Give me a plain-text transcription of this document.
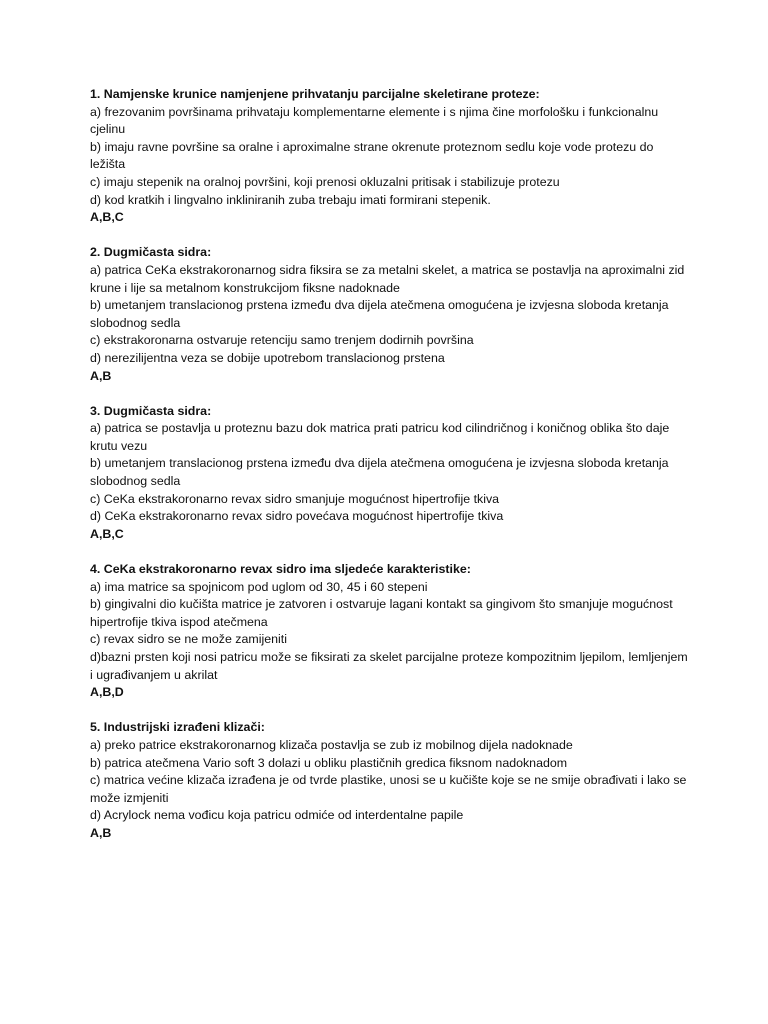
1. Namjenske krunice namjenjene prihvatanju parcijalne skeletirane proteze:

a) frezovanim površinama prihvataju komplementarne elemente i s njima čine morfološku i funkcionalnu cjelinu

b) imaju ravne površine sa oralne i aproximalne strane okrenute proteznom sedlu koje vode protezu do ležišta

c) imaju stepenik na oralnoj površini, koji prenosi okluzalni pritisak i stabilizuje protezu

d) kod kratkih i lingvalno inkliniranih zuba trebaju imati formirani stepenik.

A,B,C

2. Dugmičasta sidra:

a) patrica CeKa ekstrakoronarnog sidra fiksira se za metalni skelet, a matrica se postavlja na aproximalni zid krune i lije sa metalnom konstrukcijom fiksne nadoknade

b) umetanjem translacionog prstena između dva dijela atečmena omogućena je izvjesna sloboda kretanja slobodnog sedla

c) ekstrakoronarna ostvaruje retenciju samo trenjem dodirnih površina

d) nerezilijentna veza se dobije upotrebom translacionog prstena

A,B

3. Dugmičasta sidra:

a) patrica se postavlja u proteznu bazu dok matrica prati patricu kod cilindričnog i koničnog oblika što daje krutu vezu

b) umetanjem translacionog prstena između dva dijela atečmena omogućena je izvjesna sloboda kretanja slobodnog sedla

c) CeKa ekstrakoronarno revax sidro smanjuje mogućnost hipertrofije tkiva

d) CeKa ekstrakoronarno revax sidro povećava mogućnost hipertrofije tkiva

A,B,C

4. CeKa ekstrakoronarno revax sidro ima sljedeće karakteristike:

a) ima matrice sa spojnicom pod uglom od 30, 45 i 60 stepeni

b) gingivalni dio kučišta matrice je zatvoren i ostvaruje lagani kontakt sa gingivom što smanjuje mogućnost hipertrofije tkiva ispod atečmena

c) revax sidro se ne može zamijeniti

d)bazni prsten koji nosi patricu može se fiksirati za skelet parcijalne proteze kompozitnim ljepilom, lemljenjem i ugrađivanjem u akrilat

A,B,D

5. Industrijski izrađeni klizači:

a) preko patrice ekstrakoronarnog klizača postavlja se zub iz mobilnog dijela nadoknade

b) patrica atečmena Vario soft 3 dolazi u obliku plastičnih gredica fiksnom nadoknadom

c) matrica većine klizača izrađena je od tvrde plastike, unosi se u kučište koje se ne smije obrađivati i lako se može izmjeniti

d) Acrylock nema vođicu koja patricu odmiće od interdentalne papile

A,B
